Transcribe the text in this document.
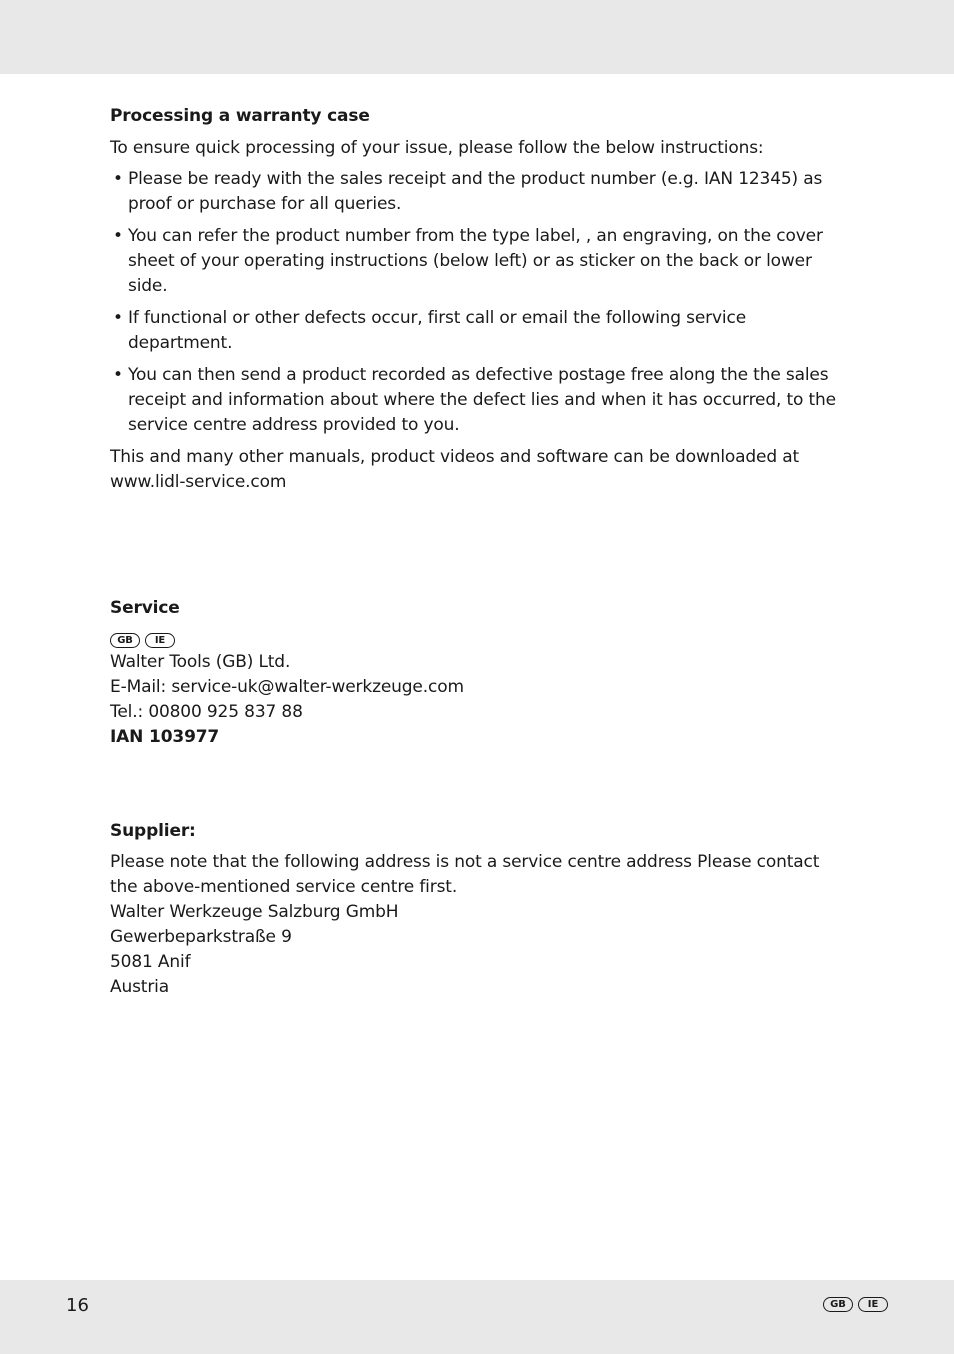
Processing a warranty case

To ensure quick processing of your issue, please follow the below instructions:

• Please be ready with the sales receipt and the product number (e.g. IAN 12345) as proof or purchase for all queries.
• You can refer the product number from the type label, , an engraving, on the cover sheet of your operating instructions (below left) or as sticker on the back or lower side.
• If functional or other defects occur, first call or email the following service department.
• You can then send a product recorded as defective postage free along the the sales receipt and information about where the defect lies and when it has occurred, to the service centre address provided to you.

This and many other manuals, product videos and software can be downloaded at www.lidl-service.com

Service

GB	IE

Walter Tools (GB) Ltd.

E-Mail: service-uk@walter-werkzeuge.com

Tel.: 00800 925 837 88

IAN 103977

Supplier:

Please note that the following address is not a service centre address Please contact the above-mentioned service centre first.

Walter Werkzeuge Salzburg GmbH

Gewerbeparkstraße 9

5081 Anif

Austria

16	GB	IE
